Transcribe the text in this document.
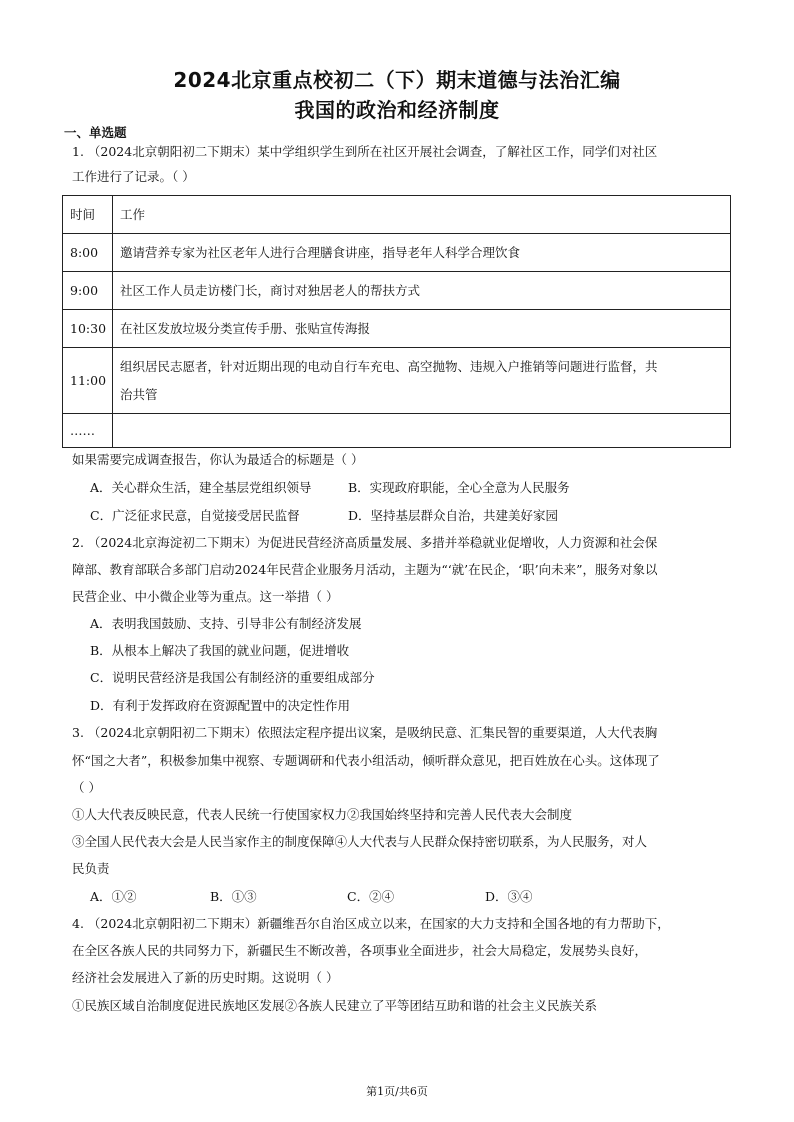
2024北京重点校初二（下）期末道德与法治汇编
我国的政治和经济制度
一、单选题
1. （2024北京朝阳初二下期末）某中学组织学生到所在社区开展社会调查，了解社区工作，同学们对社区
工作进行了记录。（ ）
时间	工作
8:00	邀请营养专家为社区老年人进行合理膳食讲座，指导老年人科学合理饮食
9:00	社区工作人员走访楼门长，商讨对独居老人的帮扶方式
10:30	在社区发放垃圾分类宣传手册、张贴宣传海报
11:00	组织居民志愿者，针对近期出现的电动自行车充电、高空抛物、违规入户推销等问题进行监督，共
治共管

……	
如果需要完成调查报告，你认为最适合的标题是（ ）
A．关心群众生活，建全基层党组织领导	B．实现政府职能，全心全意为人民服务
C．广泛征求民意，自觉接受居民监督	D．坚持基层群众自治，共建美好家园
2. （2024北京海淀初二下期末）为促进民营经济高质量发展、多措并举稳就业促增收，人力资源和社会保
障部、教育部联合多部门启动2024年民营企业服务月活动，主题为“‘就’在民企，‘职’向未来”，服务对象以
民营企业、中小微企业等为重点。这一举措（ ）
A．表明我国鼓励、支持、引导非公有制经济发展
B．从根本上解决了我国的就业问题，促进增收
C．说明民营经济是我国公有制经济的重要组成部分
D．有利于发挥政府在资源配置中的决定性作用
3. （2024北京朝阳初二下期末）依照法定程序提出议案，是吸纳民意、汇集民智的重要渠道，人大代表胸
怀“国之大者”，积极参加集中视察、专题调研和代表小组活动，倾听群众意见，把百姓放在心头。这体现了
（ ）
①人大代表反映民意，代表人民统一行使国家权力②我国始终坚持和完善人民代表大会制度
③全国人民代表大会是人民当家作主的制度保障④人大代表与人民群众保持密切联系，为人民服务，对人
民负责
A．①②	B．①③	C．②④	D．③④
4. （2024北京朝阳初二下期末）新疆维吾尔自治区成立以来，在国家的大力支持和全国各地的有力帮助下，
在全区各族人民的共同努力下，新疆民生不断改善，各项事业全面进步，社会大局稳定，发展势头良好，
经济社会发展进入了新的历史时期。这说明（ ）
①民族区域自治制度促进民族地区发展②各族人民建立了平等团结互助和谐的社会主义民族关系
第1页/共6页
